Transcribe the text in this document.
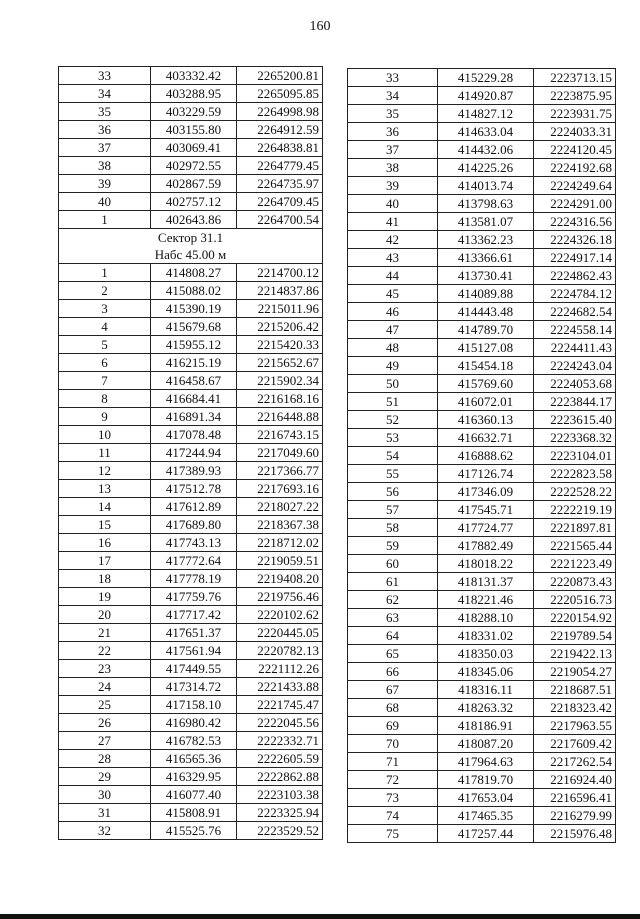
160
33	403332.42	2265200.81
34	403288.95	2265095.85
35	403229.59	2264998.98
36	403155.80	2264912.59
37	403069.41	2264838.81
38	402972.55	2264779.45
39	402867.59	2264735.97
40	402757.12	2264709.45
1	402643.86	2264700.54
Сектор 31.1
Набс 45.00 м		
1	414808.27	2214700.12
2	415088.02	2214837.86
3	415390.19	2215011.96
4	415679.68	2215206.42
5	415955.12	2215420.33
6	416215.19	2215652.67
7	416458.67	2215902.34
8	416684.41	2216168.16
9	416891.34	2216448.88
10	417078.48	2216743.15
11	417244.94	2217049.60
12	417389.93	2217366.77
13	417512.78	2217693.16
14	417612.89	2218027.22
15	417689.80	2218367.38
16	417743.13	2218712.02
17	417772.64	2219059.51
18	417778.19	2219408.20
19	417759.76	2219756.46
20	417717.42	2220102.62
21	417651.37	2220445.05
22	417561.94	2220782.13
23	417449.55	2221112.26
24	417314.72	2221433.88
25	417158.10	2221745.47
26	416980.42	2222045.56
27	416782.53	2222332.71
28	416565.36	2222605.59
29	416329.95	2222862.88
30	416077.40	2223103.38
31	415808.91	2223325.94
32	415525.76	2223529.52
33	415229.28	2223713.15
34	414920.87	2223875.95
35	414827.12	2223931.75
36	414633.04	2224033.31
37	414432.06	2224120.45
38	414225.26	2224192.68
39	414013.74	2224249.64
40	413798.63	2224291.00
41	413581.07	2224316.56
42	413362.23	2224326.18
43	413366.61	2224917.14
44	413730.41	2224862.43
45	414089.88	2224784.12
46	414443.48	2224682.54
47	414789.70	2224558.14
48	415127.08	2224411.43
49	415454.18	2224243.04
50	415769.60	2224053.68
51	416072.01	2223844.17
52	416360.13	2223615.40
53	416632.71	2223368.32
54	416888.62	2223104.01
55	417126.74	2222823.58
56	417346.09	2222528.22
57	417545.71	2222219.19
58	417724.77	2221897.81
59	417882.49	2221565.44
60	418018.22	2221223.49
61	418131.37	2220873.43
62	418221.46	2220516.73
63	418288.10	2220154.92
64	418331.02	2219789.54
65	418350.03	2219422.13
66	418345.06	2219054.27
67	418316.11	2218687.51
68	418263.32	2218323.42
69	418186.91	2217963.55
70	418087.20	2217609.42
71	417964.63	2217262.54
72	417819.70	2216924.40
73	417653.04	2216596.41
74	417465.35	2216279.99
75	417257.44	2215976.48
